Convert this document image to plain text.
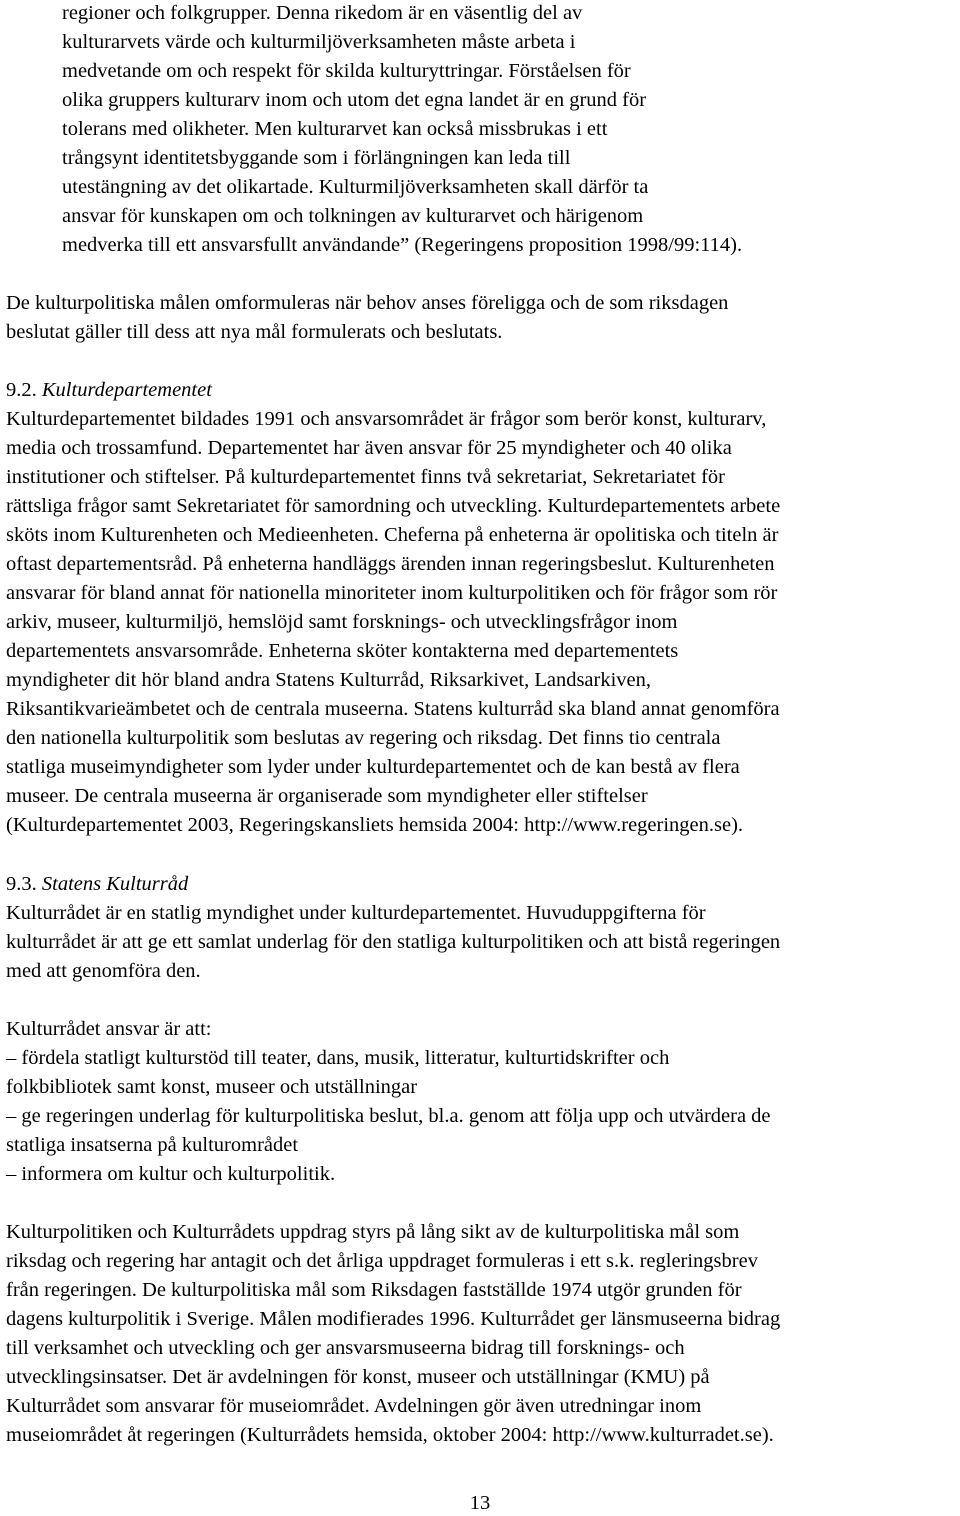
regioner och folkgrupper. Denna rikedom är en väsentlig del av
kulturarvets värde och kulturmiljöverksamheten måste arbeta i
medvetande om och respekt för skilda kulturyttringar. Förståelsen för
olika gruppers kulturarv inom och utom det egna landet är en grund för
tolerans med olikheter. Men kulturarvet kan också missbrukas i ett
trångsynt identitetsbyggande som i förlängningen kan leda till
utestängning av det olikartade. Kulturmiljöverksamheten skall därför ta
ansvar för kunskapen om och tolkningen av kulturarvet och härigenom
medverka till ett ansvarsfullt användande” (Regeringens proposition 1998/99:114).
De kulturpolitiska målen omformuleras när behov anses föreligga och de som riksdagen
beslutat gäller till dess att nya mål formulerats och beslutats.
9.2. Kulturdepartementet
Kulturdepartementet bildades 1991 och ansvarsområdet är frågor som berör konst, kulturarv,
media och trossamfund. Departementet har även ansvar för 25 myndigheter och 40 olika
institutioner och stiftelser. På kulturdepartementet finns två sekretariat, Sekretariatet för
rättsliga frågor samt Sekretariatet för samordning och utveckling. Kulturdepartementets arbete
sköts inom Kulturenheten och Medieenheten. Cheferna på enheterna är opolitiska och titeln är
oftast departementsråd. På enheterna handläggs ärenden innan regeringsbeslut. Kulturenheten
ansvarar för bland annat för nationella minoriteter inom kulturpolitiken och för frågor som rör
arkiv, museer, kulturmiljö, hemslöjd samt forsknings- och utvecklingsfrågor inom
departementets ansvarsområde. Enheterna sköter kontakterna med departementets
myndigheter dit hör bland andra Statens Kulturråd, Riksarkivet, Landsarkiven,
Riksantikvarieämbetet och de centrala museerna. Statens kulturråd ska bland annat genomföra
den nationella kulturpolitik som beslutas av regering och riksdag. Det finns tio centrala
statliga museimyndigheter som lyder under kulturdepartementet och de kan bestå av flera
museer. De centrala museerna är organiserade som myndigheter eller stiftelser
(Kulturdepartementet 2003, Regeringskansliets hemsida 2004: http://www.regeringen.se).
9.3. Statens Kulturråd
Kulturrådet är en statlig myndighet under kulturdepartementet. Huvuduppgifterna för
kulturrådet är att ge ett samlat underlag för den statliga kulturpolitiken och att bistå regeringen
med att genomföra den.
Kulturrådet ansvar är att:
– fördela statligt kulturstöd till teater, dans, musik, litteratur, kulturtidskrifter och
folkbibliotek samt konst, museer och utställningar
– ge regeringen underlag för kulturpolitiska beslut, bl.a. genom att följa upp och utvärdera de
statliga insatserna på kulturområdet
– informera om kultur och kulturpolitik.
Kulturpolitiken och Kulturrådets uppdrag styrs på lång sikt av de kulturpolitiska mål som
riksdag och regering har antagit och det årliga uppdraget formuleras i ett s.k. regleringsbrev
från regeringen. De kulturpolitiska mål som Riksdagen fastställde 1974 utgör grunden för
dagens kulturpolitik i Sverige. Målen modifierades 1996. Kulturrådet ger länsmuseerna bidrag
till verksamhet och utveckling och ger ansvarsmuseerna bidrag till forsknings- och
utvecklingsinsatser. Det är avdelningen för konst, museer och utställningar (KMU) på
Kulturrådet som ansvarar för museiområdet. Avdelningen gör även utredningar inom
museiområdet åt regeringen (Kulturrådets hemsida, oktober 2004: http://www.kulturradet.se).
13
